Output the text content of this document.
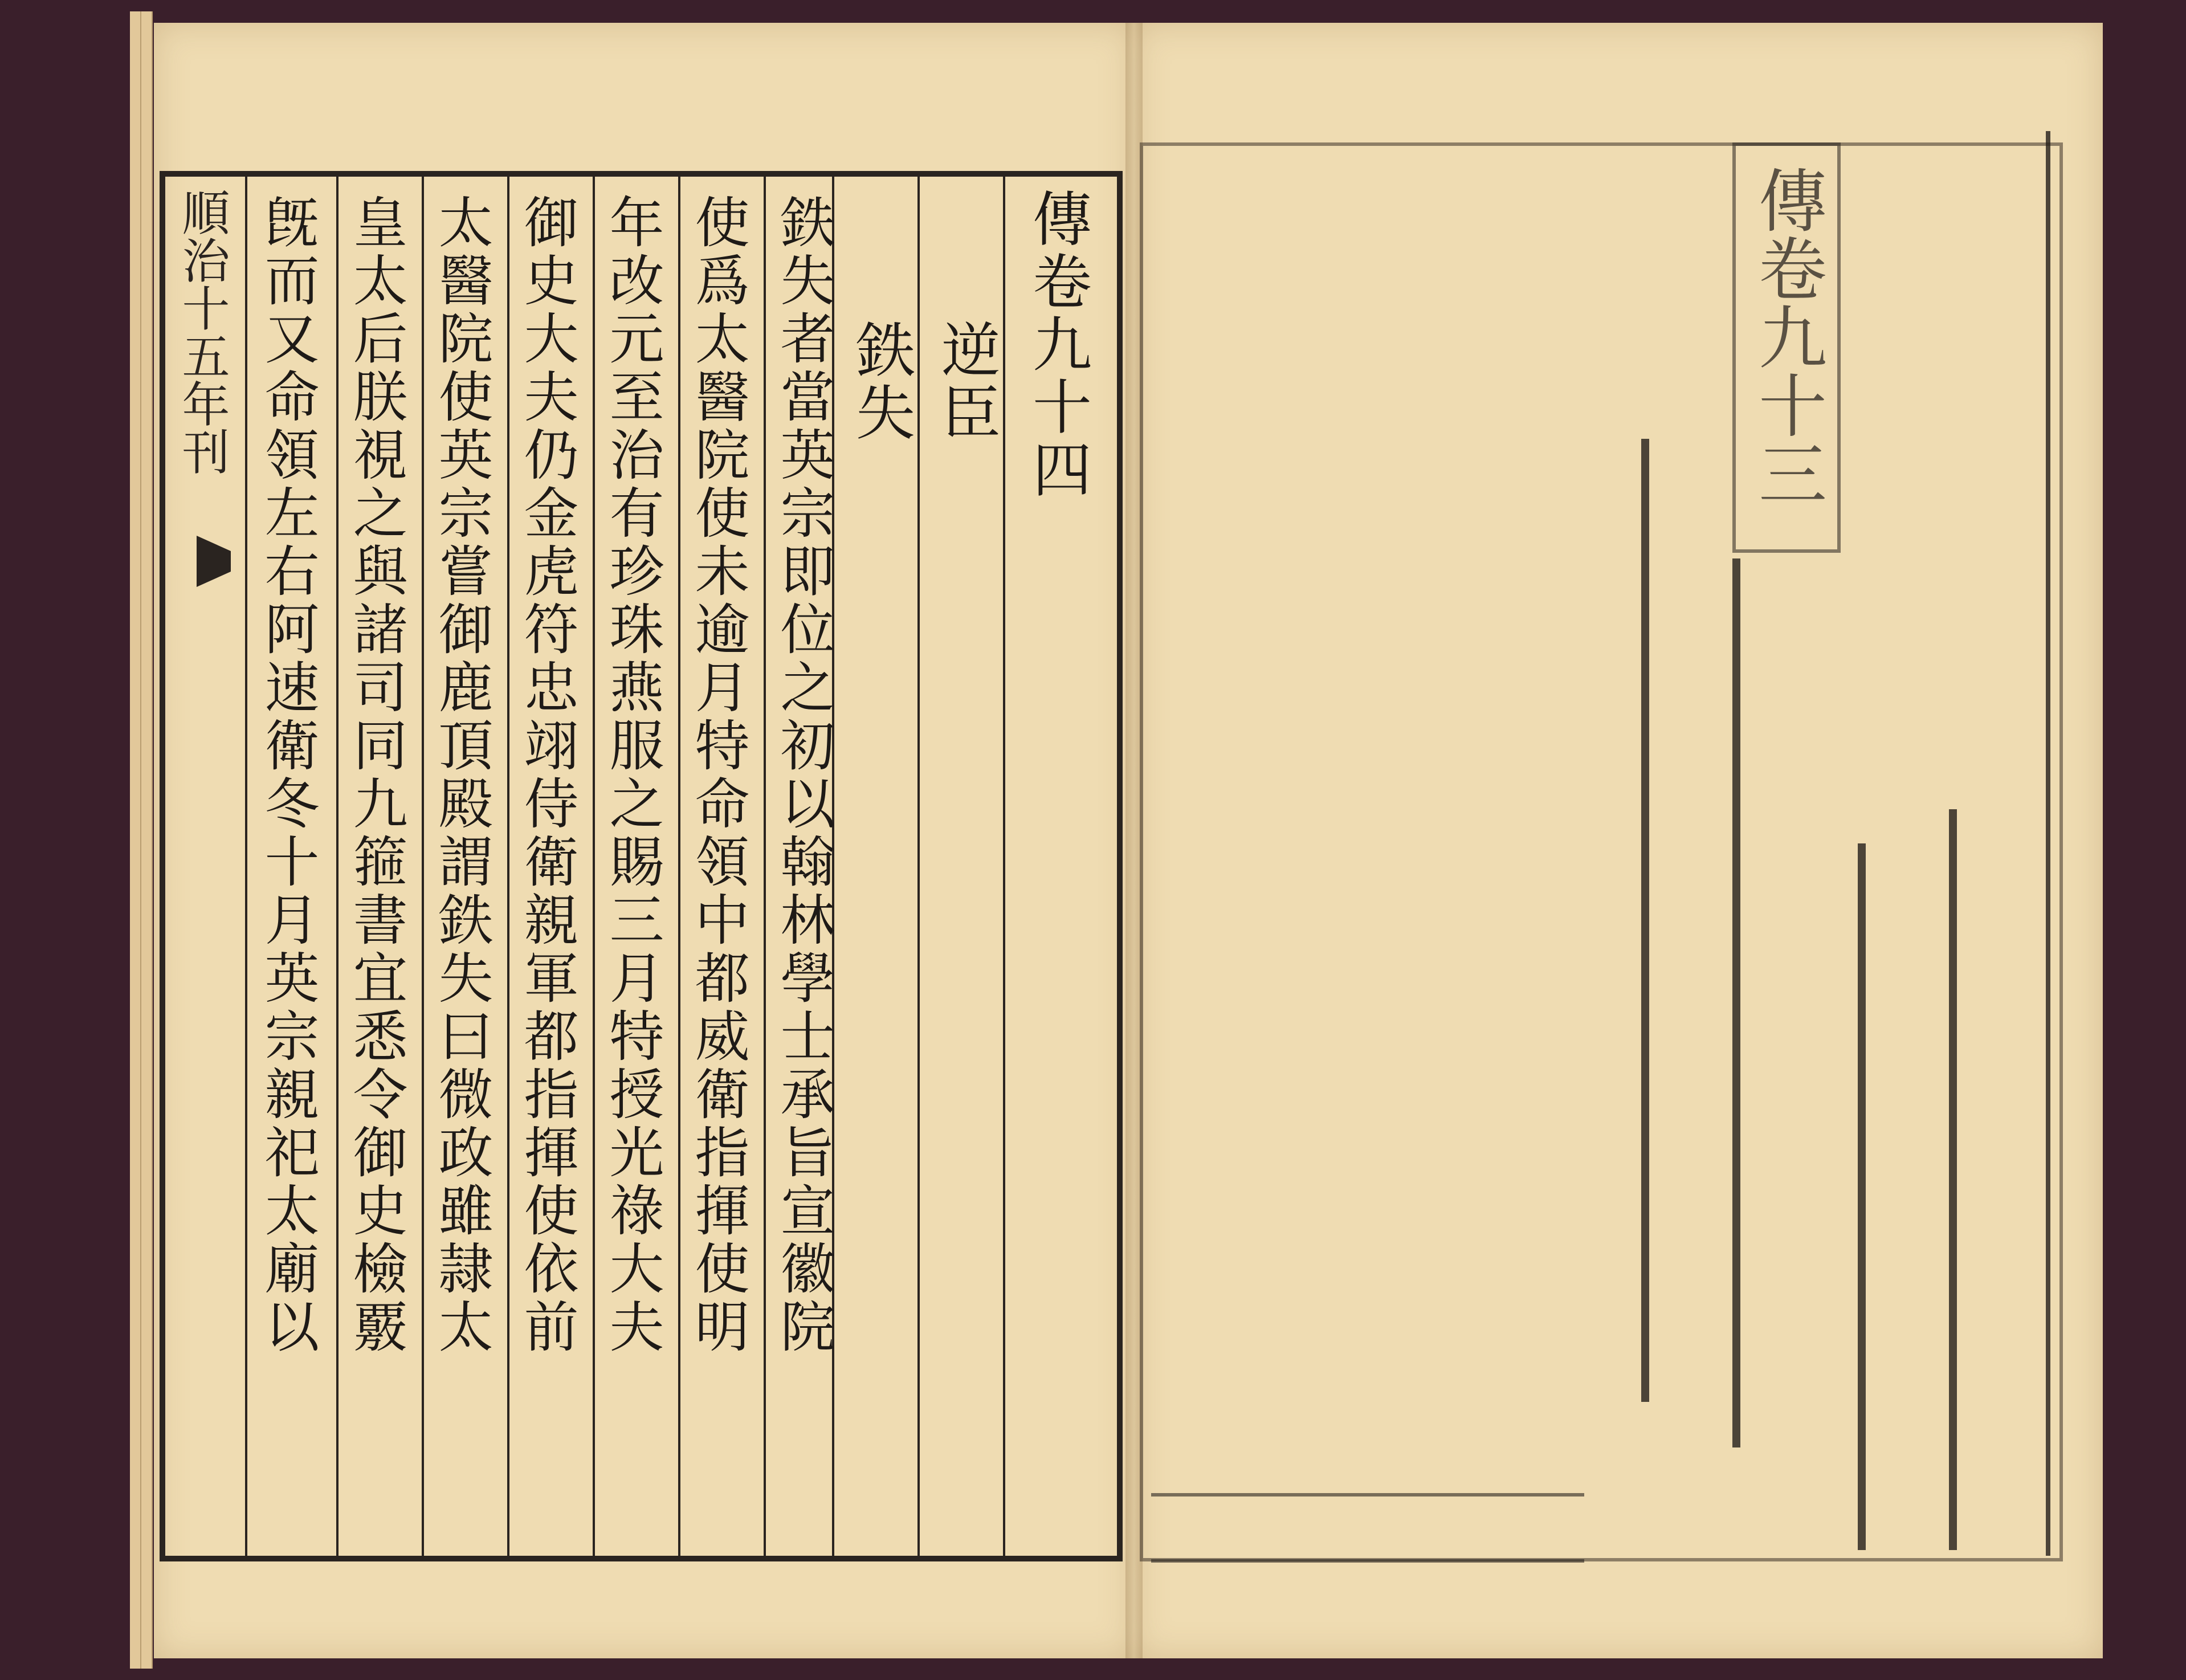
順治十五年刊	傳卷九十四
逆臣
鉄失
鉄失者當英宗即位之初以翰林學士承旨宣徽院
使爲太醫院使未逾月特命領中都威衛指揮使明
年改元至治有珍珠燕服之賜三月特授光祿大夫
御史大夫仍金虎符忠翊侍衛親軍都指揮使依前
太醫院使英宗嘗御鹿頂殿謂鉄失曰微政雖隷太
皇太后朕視之與諸司同九箍書宜悉令御史檢覈
旣而又命領左右阿速衛冬十月英宗親祀太廟以	傳卷九十三
